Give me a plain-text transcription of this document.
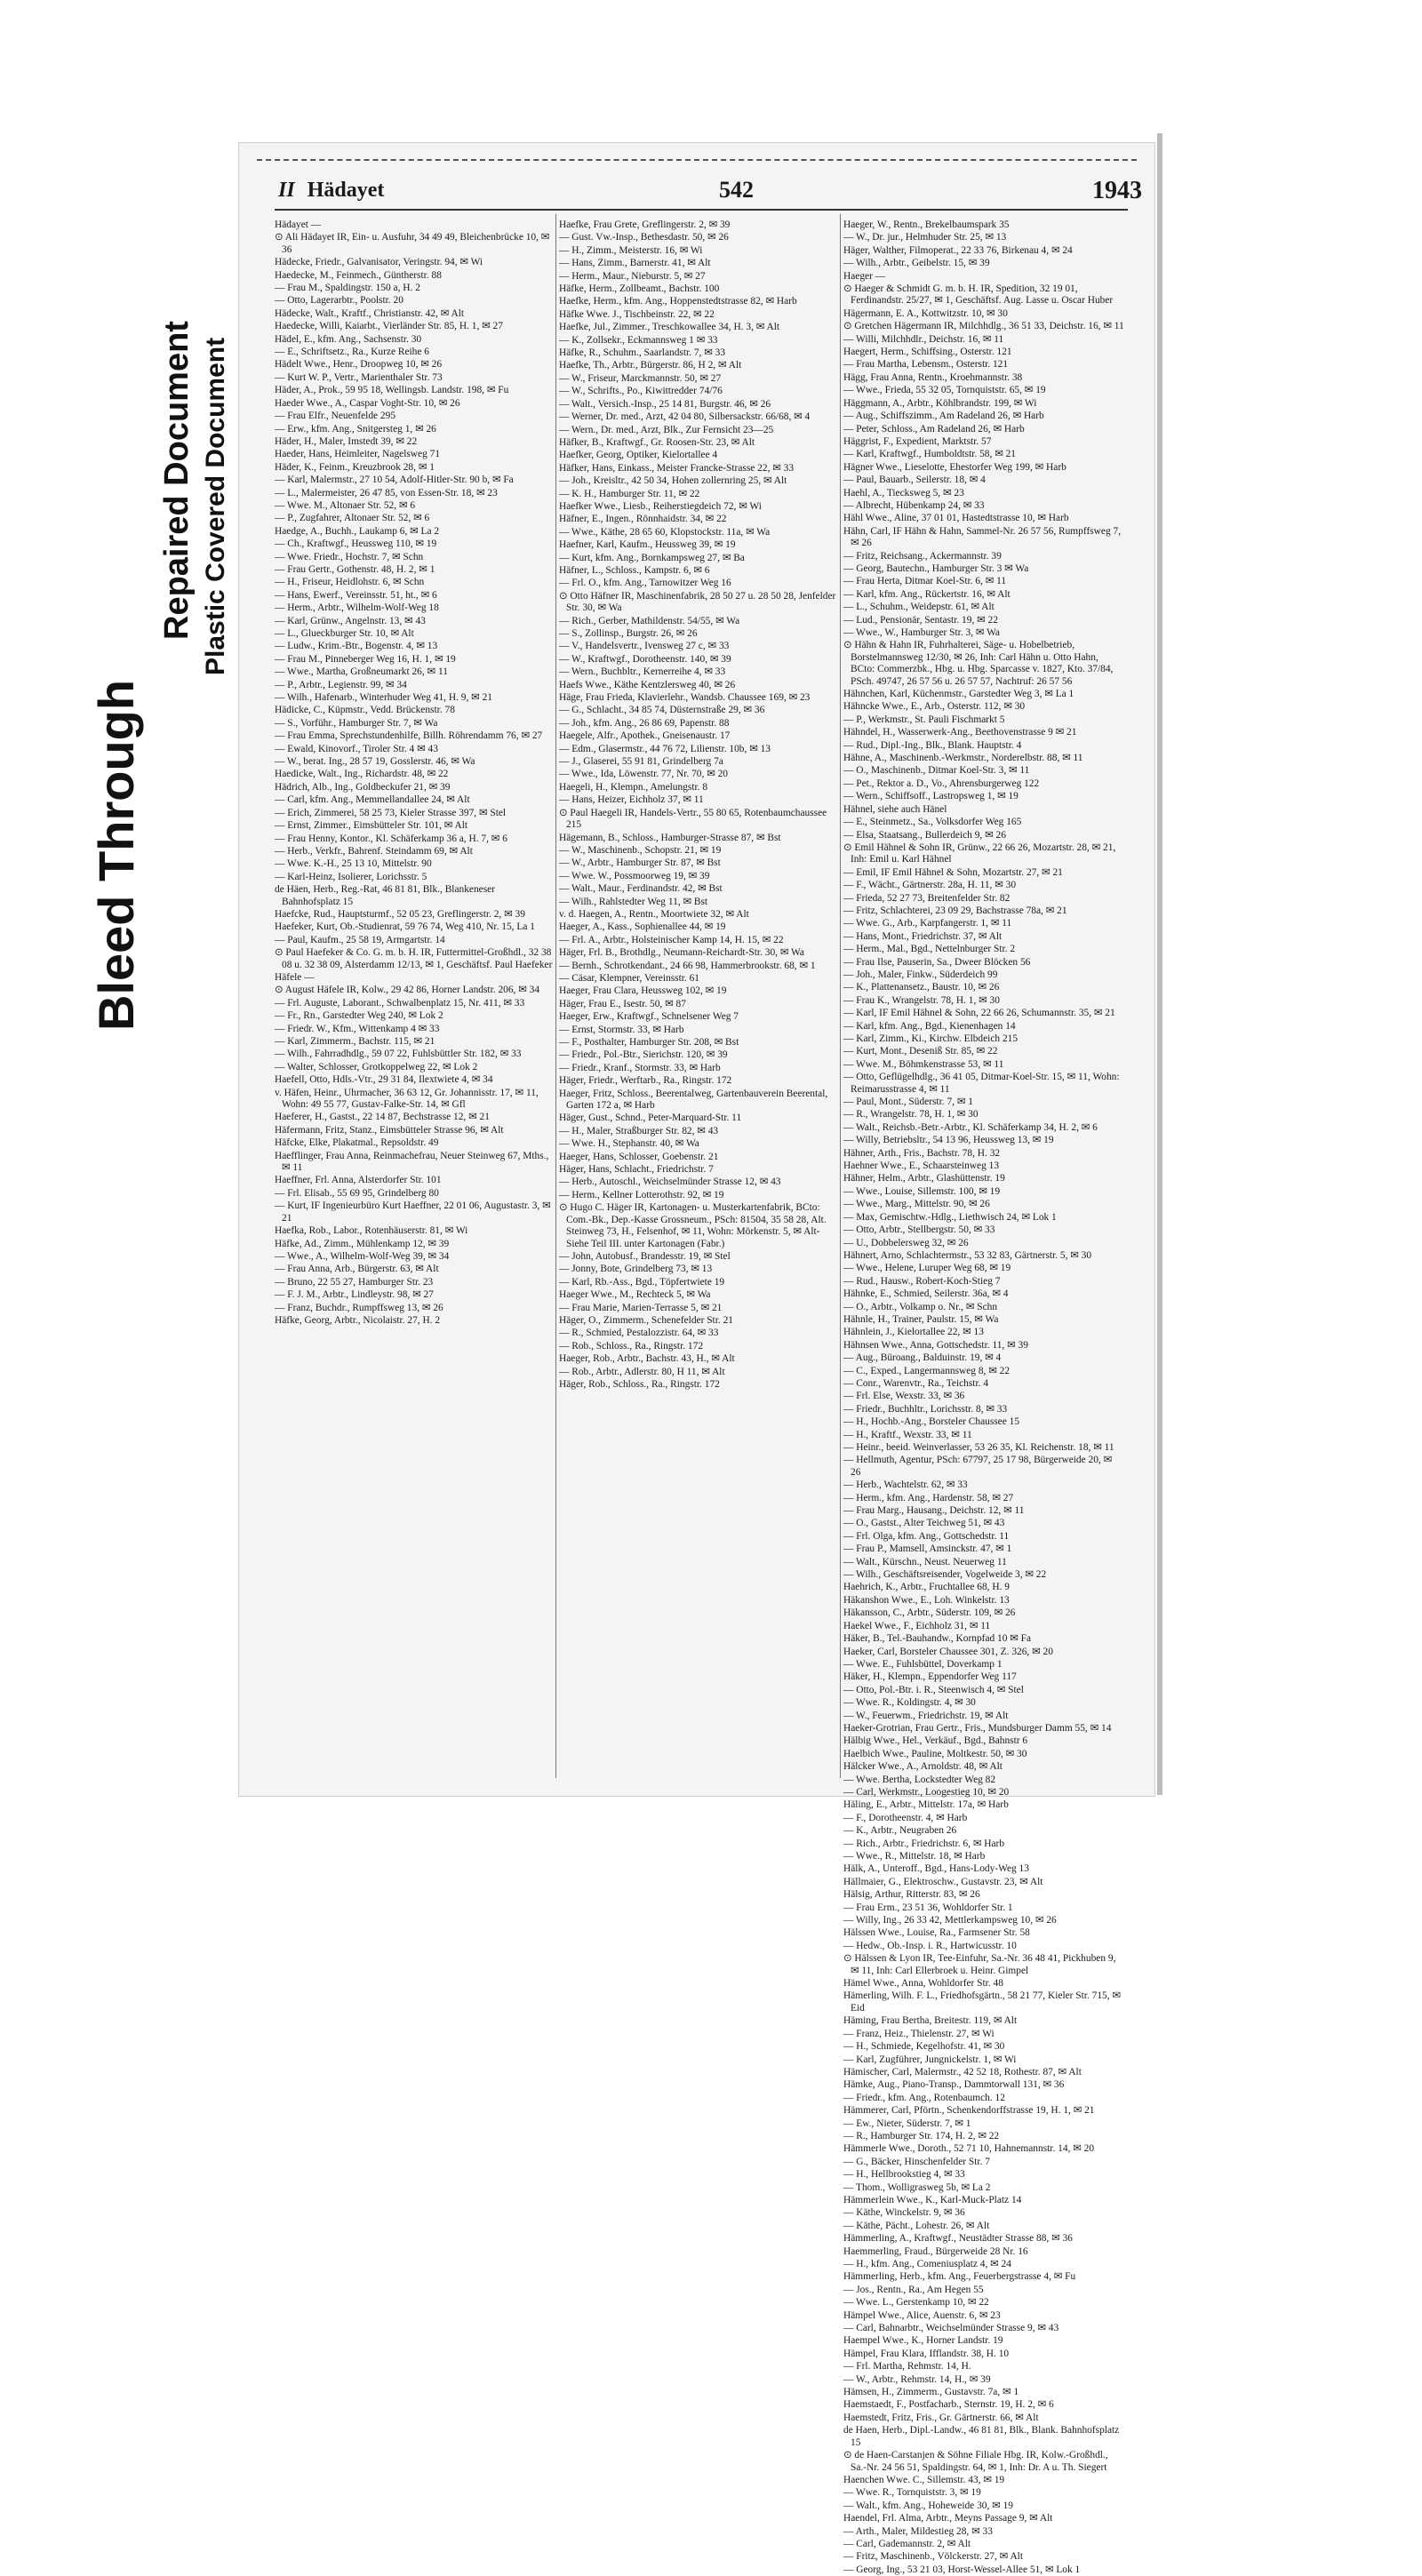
Bleed Through
Repaired Document Plastic Covered Document
II Hädayet	542	1943
Hädayet —
⊙ Ali Hädayet IR, Ein- u. Ausfuhr, 34 49 49, Bleichenbrücke 10, ✉ 36
Hädecke, Friedr., Galvanisator, Veringstr. 94, ✉ Wi
Haedecke, M., Feinmech., Güntherstr. 88
— Frau M., Spaldingstr. 150 a, H. 2
— Otto, Lagerarbtr., Poolstr. 20
Hädecke, Walt., Kraftf., Christianstr. 42, ✉ Alt
Haedecke, Willi, Kaiarbt., Vierländer Str. 85, H. 1, ✉ 27
Hädel, E., kfm. Ang., Sachsenstr. 30
— E., Schriftsetz., Ra., Kurze Reihe 6
Hädelt Wwe., Henr., Droopweg 10, ✉ 26
— Kurt W. P., Vertr., Marienthaler Str. 73
Häder, A., Prok., 59 95 18, Wellingsb. Landstr. 198, ✉ Fu
Haeder Wwe., A., Caspar Voght-Str. 10, ✉ 26
— Frau Elfr., Neuenfelde 295
— Erw., kfm. Ang., Snitgersteg 1, ✉ 26
Häder, H., Maler, Imstedt 39, ✉ 22
Haeder, Hans, Heimleiter, Nagelsweg 71
Häder, K., Feinm., Kreuzbrook 28, ✉ 1
— Karl, Malermstr., 27 10 54, Adolf-Hitler-Str. 90 b, ✉ Fa
— L., Malermeister, 26 47 85, von Essen-Str. 18, ✉ 23
— Wwe. M., Altonaer Str. 52, ✉ 6
— P., Zugfahrer, Altonaer Str. 52, ✉ 6
Haedge, A., Buchh., Laukamp 6, ✉ La 2
— Ch., Kraftwgf., Heussweg 110, ✉ 19
— Wwe. Friedr., Hochstr. 7, ✉ Schn
— Frau Gertr., Gothenstr. 48, H. 2, ✉ 1
— H., Friseur, Heidlohstr. 6, ✉ Schn
— Hans, Ewerf., Vereinsstr. 51, ht., ✉ 6
— Herm., Arbtr., Wilhelm-Wolf-Weg 18
— Karl, Grünw., Angelnstr. 13, ✉ 43
— L., Glueckburger Str. 10, ✉ Alt
— Ludw., Krim.-Btr., Bogenstr. 4, ✉ 13
— Frau M., Pinneberger Weg 16, H. 1, ✉ 19
— Wwe., Martha, Großneumarkt 26, ✉ 11
— P., Arbtr., Legienstr. 99, ✉ 34
— Wilh., Hafenarb., Winterhuder Weg 41, H. 9, ✉ 21
Hädicke, C., Küpmstr., Vedd. Brückenstr. 78
— S., Vorführ., Hamburger Str. 7, ✉ Wa
— Frau Emma, Sprechstundenhilfe, Billh. Röhrendamm 76, ✉ 27
— Ewald, Kinovorf., Tiroler Str. 4 ✉ 43
— W., berat. Ing., 28 57 19, Gosslerstr. 46, ✉ Wa
Haedicke, Walt., Ing., Richardstr. 48, ✉ 22
Hädrich, Alb., Ing., Goldbeckufer 21, ✉ 39
— Carl, kfm. Ang., Memmellandallee 24, ✉ Alt
— Erich, Zimmerei, 58 25 73, Kieler Strasse 397, ✉ Stel
— Ernst, Zimmer., Eimsbütteler Str. 101, ✉ Alt
— Frau Henny, Kontor., Kl. Schäferkamp 36 a, H. 7, ✉ 6
— Herb., Verkfr., Bahrenf. Steindamm 69, ✉ Alt
— Wwe. K.-H., 25 13 10, Mittelstr. 90
— Karl-Heinz, Isolierer, Lorichsstr. 5
de Häen, Herb., Reg.-Rat, 46 81 81, Blk., Blankeneser Bahnhofsplatz 15
Haefcke, Rud., Hauptsturmf., 52 05 23, Greflingerstr. 2, ✉ 39
Haefeker, Kurt, Ob.-Studienrat, 59 76 74, Weg 410, Nr. 15, La 1
— Paul, Kaufm., 25 58 19, Armgartstr. 14
⊙ Paul Haefeker & Co. G. m. b. H. IR, Futtermittel-Großhdl., 32 38 08 u. 32 38 09, Alsterdamm 12/13, ✉ 1, Geschäftsf. Paul Haefeker
Häfele —
⊙ August Häfele IR, Kolw., 29 42 86, Horner Landstr. 206, ✉ 34
— Frl. Auguste, Laborant., Schwalbenplatz 15, Nr. 411, ✉ 33
— Fr., Rn., Garstedter Weg 240, ✉ Lok 2
— Friedr. W., Kfm., Wittenkamp 4 ✉ 33
— Karl, Zimmerm., Bachstr. 115, ✉ 21
— Wilh., Fahrradhdlg., 59 07 22, Fuhlsbüttler Str. 182, ✉ 33
— Walter, Schlosser, Grotkoppelweg 22, ✉ Lok 2
Haefell, Otto, Hdls.-Vtr., 29 31 84, Ilextwiete 4, ✉ 34
v. Häfen, Heinr., Uhrmacher, 36 63 12, Gr. Johannisstr. 17, ✉ 11, Wohn: 49 55 77, Gustav-Falke-Str. 14, ✉ Gfl
Haeferer, H., Gastst., 22 14 87, Bechstrasse 12, ✉ 21
Häfermann, Fritz, Stanz., Eimsbütteler Strasse 96, ✉ Alt
Häfcke, Elke, Plakatmal., Repsoldstr. 49
Haefflinger, Frau Anna, Reinmachefrau, Neuer Steinweg 67, Mths., ✉ 11
Haeffner, Frl. Anna, Alsterdorfer Str. 101
— Frl. Elisab., 55 69 95, Grindelberg 80
— Kurt, IF Ingenieurbüro Kurt Haeffner, 22 01 06, Augustastr. 3, ✉ 21
Haefka, Rob., Labor., Rotenhäuserstr. 81, ✉ Wi
Häfke, Ad., Zimm., Mühlenkamp 12, ✉ 39
— Wwe., A., Wilhelm-Wolf-Weg 39, ✉ 34
— Frau Anna, Arb., Bürgerstr. 63, ✉ Alt
— Bruno, 22 55 27, Hamburger Str. 23
— F. J. M., Arbtr., Lindleystr. 98, ✉ 27
— Franz, Buchdr., Rumpffsweg 13, ✉ 26
Häfke, Georg, Arbtr., Nicolaistr. 27, H. 2
Haefke, Frau Grete, Greflingerstr. 2, ✉ 39
— Gust. Vw.-Insp., Bethesdastr. 50, ✉ 26
— H., Zimm., Meisterstr. 16, ✉ Wi
— Hans, Zimm., Barnerstr. 41, ✉ Alt
— Herm., Maur., Nieburstr. 5, ✉ 27
Häfke, Herm., Zollbeamt., Bachstr. 100
Haefke, Herm., kfm. Ang., Hoppenstedtstrasse 82, ✉ Harb
Häfke Wwe. J., Tischbeinstr. 22, ✉ 22
Haefke, Jul., Zimmer., Treschkowallee 34, H. 3, ✉ Alt
— K., Zollsekr., Eckmannsweg 1 ✉ 33
Häfke, R., Schuhm., Saarlandstr. 7, ✉ 33
Haefke, Th., Arbtr., Bürgerstr. 86, H 2, ✉ Alt
— W., Friseur, Marckmannstr. 50, ✉ 27
— W., Schrifts., Po., Kiwittredder 74/76
— Walt., Versich.-Insp., 25 14 81, Burgstr. 46, ✉ 26
— Werner, Dr. med., Arzt, 42 04 80, Silbersackstr. 66/68, ✉ 4
— Wern., Dr. med., Arzt, Blk., Zur Fernsicht 23—25
Häfker, B., Kraftwgf., Gr. Roosen-Str. 23, ✉ Alt
Haefker, Georg, Optiker, Kielortallee 4
Häfker, Hans, Einkass., Meister Francke-Strasse 22, ✉ 33
— Joh., Kreisltr., 42 50 34, Hohen zollernring 25, ✉ Alt
— K. H., Hamburger Str. 11, ✉ 22
Haefker Wwe., Liesb., Reiherstiegdeich 72, ✉ Wi
Häfner, E., Ingen., Rönnhaidstr. 34, ✉ 22
— Wwe., Käthe, 28 65 60, Klopstockstr. 11a, ✉ Wa
Haefner, Karl, Kaufm., Heussweg 39, ✉ 19
— Kurt, kfm. Ang., Bornkampsweg 27, ✉ Ba
Häfner, L., Schloss., Kampstr. 6, ✉ 6
— Frl. O., kfm. Ang., Tarnowitzer Weg 16
⊙ Otto Häfner IR, Maschinenfabrik, 28 50 27 u. 28 50 28, Jenfelder Str. 30, ✉ Wa
— Rich., Gerber, Mathildenstr. 54/55, ✉ Wa
— S., Zollinsp., Burgstr. 26, ✉ 26
— V., Handelsvertr., Ivensweg 27 c, ✉ 33
— W., Kraftwgf., Dorotheenstr. 140, ✉ 39
— Wern., Buchbltr., Kernerreihe 4, ✉ 33
Haefs Wwe., Käthe Kentzlersweg 40, ✉ 26
Häge, Frau Frieda, Klavierlehr., Wandsb. Chaussee 169, ✉ 23
— G., Schlacht., 34 85 74, Düsternstraße 29, ✉ 36
— Joh., kfm. Ang., 26 86 69, Papenstr. 88
Haegele, Alfr., Apothek., Gneisenaustr. 17
— Edm., Glasermstr., 44 76 72, Lilienstr. 10b, ✉ 13
— J., Glaserei, 55 91 81, Grindelberg 7a
— Wwe., Ida, Löwenstr. 77, Nr. 70, ✉ 20
Haegeli, H., Klempn., Amelungstr. 8
— Hans, Heizer, Eichholz 37, ✉ 11
⊙ Paul Haegeli IR, Handels-Vertr., 55 80 65, Rotenbaumchaussee 215
Hägemann, B., Schloss., Hamburger-Strasse 87, ✉ Bst
— W., Maschinenb., Schopstr. 21, ✉ 19
— W., Arbtr., Hamburger Str. 87, ✉ Bst
— Wwe. W., Possmoorweg 19, ✉ 39
— Walt., Maur., Ferdinandstr. 42, ✉ Bst
— Wilh., Rahlstedter Weg 11, ✉ Bst
v. d. Haegen, A., Rentn., Moortwiete 32, ✉ Alt
Haeger, A., Kass., Sophienallee 44, ✉ 19
— Frl. A., Arbtr., Holsteinischer Kamp 14, H. 15, ✉ 22
Häger, Frl. B., Brothdlg., Neumann-Reichardt-Str. 30, ✉ Wa
— Bernh., Schrotkendant., 24 66 98, Hammerbrookstr. 68, ✉ 1
— Cäsar, Klempner, Vereinsstr. 61
Haeger, Frau Clara, Heussweg 102, ✉ 19
Häger, Frau E., Isestr. 50, ✉ 87
Haeger, Erw., Kraftwgf., Schnelsener Weg 7
— Ernst, Stormstr. 33, ✉ Harb
— F., Posthalter, Hamburger Str. 208, ✉ Bst
— Friedr., Pol.-Btr., Sierichstr. 120, ✉ 39
— Friedr., Kranf., Stormstr. 33, ✉ Harb
Häger, Friedr., Werftarb., Ra., Ringstr. 172
Haeger, Fritz, Schloss., Beerentalweg, Gartenbauverein Beerental, Garten 172 a, ✉ Harb
Häger, Gust., Schnd., Peter-Marquard-Str. 11
— H., Maler, Straßburger Str. 82, ✉ 43
— Wwe. H., Stephanstr. 40, ✉ Wa
Haeger, Hans, Schlosser, Goebenstr. 21
Häger, Hans, Schlacht., Friedrichstr. 7
— Herb., Autoschl., Weichselmünder Strasse 12, ✉ 43
— Herm., Kellner Lotterothstr. 92, ✉ 19
⊙ Hugo C. Häger IR, Kartonagen- u. Musterkartenfabrik, BCto: Com.-Bk., Dep.-Kasse Grossneum., PSch: 81504, 35 58 28, Alt. Steinweg 73, H., Felsenhof, ✉ 11, Wohn: Mörkenstr. 5, ✉ Alt- Siehe Teil III. unter Kartonagen (Fabr.)
— John, Autobusf., Brandesstr. 19, ✉ Stel
— Jonny, Bote, Grindelberg 73, ✉ 13
— Karl, Rb.-Ass., Bgd., Töpfertwiete 19
Haeger Wwe., M., Rechteck 5, ✉ Wa
— Frau Marie, Marien-Terrasse 5, ✉ 21
Häger, O., Zimmerm., Schenefelder Str. 21
— R., Schmied, Pestalozzistr. 64, ✉ 33
— Rob., Schloss., Ra., Ringstr. 172
Haeger, Rob., Arbtr., Bachstr. 43, H., ✉ Alt
— Rob., Arbtr., Adlerstr. 80, H 11, ✉ Alt
Häger, Rob., Schloss., Ra., Ringstr. 172
Haeger, W., Rentn., Brekelbaumspark 35
— W., Dr. jur., Helmhuder Str. 25, ✉ 13
Häger, Walther, Filmoperat., 22 33 76, Birkenau 4, ✉ 24
— Wilh., Arbtr., Geibelstr. 15, ✉ 39
Haeger —
⊙ Haeger & Schmidt G. m. b. H. IR, Spedition, 32 19 01, Ferdinandstr. 25/27, ✉ 1, Geschäftsf. Aug. Lasse u. Oscar Huber
Hägermann, E. A., Kottwitzstr. 10, ✉ 30
⊙ Gretchen Hägermann IR, Milchhdlg., 36 51 33, Deichstr. 16, ✉ 11
— Willi, Milchhdlr., Deichstr. 16, ✉ 11
Haegert, Herm., Schiffsing., Osterstr. 121
— Frau Martha, Lebensm., Osterstr. 121
Hägg, Frau Anna, Rentn., Kroehmannstr. 38
— Wwe., Frieda, 55 32 05, Tornquiststr. 65, ✉ 19
Häggmann, A., Arbtr., Köhlbrandstr. 199, ✉ Wi
— Aug., Schiffszimm., Am Radeland 26, ✉ Harb
— Peter, Schloss., Am Radeland 26, ✉ Harb
Häggrist, F., Expedient, Marktstr. 57
— Karl, Kraftwgf., Humboldtstr. 58, ✉ 21
Hägner Wwe., Lieselotte, Ehestorfer Weg 199, ✉ Harb
— Paul, Bauarb., Seilerstr. 18, ✉ 4
Haehl, A., Tiecksweg 5, ✉ 23
— Albrecht, Hübenkamp 24, ✉ 33
Hähl Wwe., Aline, 37 01 01, Hastedtstrasse 10, ✉ Harb
Hähn, Carl, IF Hähn & Hahn, Sammel-Nr. 26 57 56, Rumpffsweg 7, ✉ 26
— Fritz, Reichsang., Ackermannstr. 39
— Georg, Bautechn., Hamburger Str. 3 ✉ Wa
— Frau Herta, Ditmar Koel-Str. 6, ✉ 11
— Karl, kfm. Ang., Rückertstr. 16, ✉ Alt
— L., Schuhm., Weidepstr. 61, ✉ Alt
— Lud., Pensionär, Sentastr. 19, ✉ 22
— Wwe., W., Hamburger Str. 3, ✉ Wa
⊙ Hähn & Hahn IR, Fuhrhalterei, Säge- u. Hobelbetrieb, Borstelmannsweg 12/30, ✉ 26, Inh: Carl Hähn u. Otto Hahn, BCto: Commerzbk., Hbg. u. Hbg. Sparcasse v. 1827, Kto. 37/84, PSch. 49747, 26 57 56 u. 26 57 57, Nachtruf: 26 57 56
Hähnchen, Karl, Küchenmstr., Garstedter Weg 3, ✉ La 1
Hähncke Wwe., E., Arb., Osterstr. 112, ✉ 30
— P., Werkmstr., St. Pauli Fischmarkt 5
Hähndel, H., Wasserwerk-Ang., Beethovenstrasse 9 ✉ 21
— Rud., Dipl.-Ing., Blk., Blank. Hauptstr. 4
Hähne, A., Maschinenb.-Werkmstr., Norderelbstr. 88, ✉ 11
— O., Maschinenb., Ditmar Koel-Str. 3, ✉ 11
— Pet., Rektor a. D., Vo., Ahrensburgerweg 122
— Wern., Schiffsoff., Lastropsweg 1, ✉ 19
Hähnel, siehe auch Hänel
— E., Steinmetz., Sa., Volksdorfer Weg 165
— Elsa, Staatsang., Bullerdeich 9, ✉ 26
⊙ Emil Hähnel & Sohn IR, Grünw., 22 66 26, Mozartstr. 28, ✉ 21, Inh: Emil u. Karl Hähnel
— Emil, IF Emil Hähnel & Sohn, Mozartstr. 27, ✉ 21
— F., Wächt., Gärtnerstr. 28a, H. 11, ✉ 30
— Frieda, 52 27 73, Breitenfelder Str. 82
— Fritz, Schlachterei, 23 09 29, Bachstrasse 78a, ✉ 21
— Wwe. G., Arb., Karpfangerstr. 1, ✉ 11
— Hans, Mont., Friedrichstr. 37, ✉ Alt
— Herm., Mal., Bgd., Nettelnburger Str. 2
— Frau Ilse, Pauserin, Sa., Dweer Blöcken 56
— Joh., Maler, Finkw., Süderdeich 99
— K., Plattenansetz., Baustr. 10, ✉ 26
— Frau K., Wrangelstr. 78, H. 1, ✉ 30
— Karl, IF Emil Hähnel & Sohn, 22 66 26, Schumannstr. 35, ✉ 21
— Karl, kfm. Ang., Bgd., Kienenhagen 14
— Karl, Zimm., Ki., Kirchw. Elbdeich 215
— Kurt, Mont., Deseniß Str. 85, ✉ 22
— Wwe. M., Böhmkenstrasse 53, ✉ 11
— Otto, Geflügelhdlg., 36 41 05, Ditmar-Koel-Str. 15, ✉ 11, Wohn: Reimarusstrasse 4, ✉ 11
— Paul, Mont., Süderstr. 7, ✉ 1
— R., Wrangelstr. 78, H. 1, ✉ 30
— Walt., Reichsb.-Betr.-Arbtr., Kl. Schäferkamp 34, H. 2, ✉ 6
— Willy, Betriebsltr., 54 13 96, Heussweg 13, ✉ 19
Hähner, Arth., Fris., Bachstr. 78, H. 32
Haehner Wwe., E., Schaarsteinweg 13
Hähner, Helm., Arbtr., Glashüttenstr. 19
— Wwe., Louise, Sillemstr. 100, ✉ 19
— Wwe., Marg., Mittelstr. 90, ✉ 26
— Max, Gemischtw.-Hdlg., Liethwisch 24, ✉ Lok 1
— Otto, Arbtr., Stellbergstr. 50, ✉ 33
— U., Dobbelersweg 32, ✉ 26
Hähnert, Arno, Schlachtermstr., 53 32 83, Gärtnerstr. 5, ✉ 30
— Wwe., Helene, Luruper Weg 68, ✉ 19
— Rud., Hausw., Robert-Koch-Stieg 7
Hähnke, E., Schmied, Seilerstr. 36a, ✉ 4
— O., Arbtr., Volkamp o. Nr., ✉ Schn
Hähnle, H., Trainer, Paulstr. 15, ✉ Wa
Hähnlein, J., Kielortallee 22, ✉ 13
Hähnsen Wwe., Anna, Gottschedstr. 11, ✉ 39
— Aug., Büroang., Balduinstr. 19, ✉ 4
— C., Exped., Langermannsweg 8, ✉ 22
— Conr., Warenvtr., Ra., Teichstr. 4
— Frl. Else, Wexstr. 33, ✉ 36
— Friedr., Buchhltr., Lorichsstr. 8, ✉ 33
— H., Hochb.-Ang., Borsteler Chaussee 15
— H., Kraftf., Wexstr. 33, ✉ 11
— Heinr., beeid. Weinverlasser, 53 26 35, Kl. Reichenstr. 18, ✉ 11
— Hellmuth, Agentur, PSch: 67797, 25 17 98, Bürgerweide 20, ✉ 26
— Herb., Wachtelstr. 62, ✉ 33
— Herm., kfm. Ang., Hardenstr. 58, ✉ 27
— Frau Marg., Hausang., Deichstr. 12, ✉ 11
— O., Gastst., Alter Teichweg 51, ✉ 43
— Frl. Olga, kfm. Ang., Gottschedstr. 11
— Frau P., Mamsell, Amsinckstr. 47, ✉ 1
— Walt., Kürschn., Neust. Neuerweg 11
— Wilh., Geschäftsreisender, Vogelweide 3, ✉ 22
Haehrich, K., Arbtr., Fruchtallee 68, H. 9
Häkanshon Wwe., E., Loh. Winkelstr. 13
Häkansson, C., Arbtr., Süderstr. 109, ✉ 26
Haekel Wwe., F., Eichholz 31, ✉ 11
Häker, B., Tel.-Bauhandw., Kornpfad 10 ✉ Fa
Haeker, Carl, Borsteler Chaussee 301, Z. 326, ✉ 20
— Wwe. E., Fuhlsbüttel, Doverkamp 1
Häker, H., Klempn., Eppendorfer Weg 117
— Otto, Pol.-Btr. i. R., Steenwisch 4, ✉ Stel
— Wwe. R., Koldingstr. 4, ✉ 30
— W., Feuerwm., Friedrichstr. 19, ✉ Alt
Haeker-Grotrian, Frau Gertr., Fris., Mundsburger Damm 55, ✉ 14
Hälbig Wwe., Hel., Verkäuf., Bgd., Bahnstr 6
Haelbich Wwe., Pauline, Moltkestr. 50, ✉ 30
Hälcker Wwe., A., Arnoldstr. 48, ✉ Alt
— Wwe. Bertha, Lockstedter Weg 82
— Carl, Werkmstr., Loogestieg 10, ✉ 20
Häling, E., Arbtr., Mittelstr. 17a, ✉ Harb
— F., Dorotheenstr. 4, ✉ Harb
— K., Arbtr., Neugraben 26
— Rich., Arbtr., Friedrichstr. 6, ✉ Harb
— Wwe., R., Mittelstr. 18, ✉ Harb
Hälk, A., Unteroff., Bgd., Hans-Lody-Weg 13
Hällmaier, G., Elektroschw., Gustavstr. 23, ✉ Alt
Hälsig, Arthur, Ritterstr. 83, ✉ 26
— Frau Erm., 23 51 36, Wohldorfer Str. 1
— Willy, Ing., 26 33 42, Mettlerkampsweg 10, ✉ 26
Hälssen Wwe., Louise, Ra., Farmsener Str. 58
— Hedw., Ob.-Insp. i. R., Hartwicusstr. 10
⊙ Hälssen & Lyon IR, Tee-Einfuhr, Sa.-Nr. 36 48 41, Pickhuben 9, ✉ 11, Inh: Carl Ellerbroek u. Heinr. Gimpel
Hämel Wwe., Anna, Wohldorfer Str. 48
Hämerling, Wilh. F. L., Friedhofsgärtn., 58 21 77, Kieler Str. 715, ✉ Eid
Häming, Frau Bertha, Breitestr. 119, ✉ Alt
— Franz, Heiz., Thielenstr. 27, ✉ Wi
— H., Schmiede, Kegelhofstr. 41, ✉ 30
— Karl, Zugführer, Jungnickelstr. 1, ✉ Wi
Hämischer, Carl, Malermstr., 42 52 18, Rothestr. 87, ✉ Alt
Hämke, Aug., Piano-Transp., Dammtorwall 131, ✉ 36
— Friedr., kfm. Ang., Rotenbaumch. 12
Hämmerer, Carl, Pförtn., Schenkendorffstrasse 19, H. 1, ✉ 21
— Ew., Nieter, Süderstr. 7, ✉ 1
— R., Hamburger Str. 174, H. 2, ✉ 22
Hämmerle Wwe., Doroth., 52 71 10, Hahnemannstr. 14, ✉ 20
— G., Bäcker, Hinschenfelder Str. 7
— H., Hellbrookstieg 4, ✉ 33
— Thom., Wolligrasweg 5b, ✉ La 2
Hämmerlein Wwe., K., Karl-Muck-Platz 14
— Käthe, Winckelstr. 9, ✉ 36
— Käthe, Pächt., Lohestr. 26, ✉ Alt
Hämmerling, A., Kraftwgf., Neustädter Strasse 88, ✉ 36
Haemmerling, Fraud., Bürgerweide 28 Nr. 16
— H., kfm. Ang., Comeniusplatz 4, ✉ 24
Hämmerling, Herb., kfm. Ang., Feuerbergstrasse 4, ✉ Fu
— Jos., Rentn., Ra., Am Hegen 55
— Wwe. L., Gerstenkamp 10, ✉ 22
Hämpel Wwe., Alice, Auenstr. 6, ✉ 23
— Carl, Bahnarbtr., Weichselmünder Strasse 9, ✉ 43
Haempel Wwe., K., Horner Landstr. 19
Hämpel, Frau Klara, Ifflandstr. 38, H. 10
— Frl. Martha, Rehmstr. 14, H.
— W., Arbtr., Rehmstr. 14, H., ✉ 39
Hämsen, H., Zimmerm., Gustavstr. 7a, ✉ 1
Haemstaedt, F., Postfacharb., Sternstr. 19, H. 2, ✉ 6
Haemstedt, Fritz, Fris., Gr. Gärtnerstr. 66, ✉ Alt
de Haen, Herb., Dipl.-Landw., 46 81 81, Blk., Blank. Bahnhofsplatz 15
⊙ de Haen-Carstanjen & Söhne Filiale Hbg. IR, Kolw.-Großhdl., Sa.-Nr. 24 56 51, Spaldingstr. 64, ✉ 1, Inh: Dr. A u. Th. Siegert
Haenchen Wwe. C., Sillemstr. 43, ✉ 19
— Wwe. R., Tornquiststr. 3, ✉ 19
— Walt., kfm. Ang., Hoheweide 30, ✉ 19
Haendel, Frl. Alma, Arbtr., Meyns Passage 9, ✉ Alt
— Arth., Maler, Mildestieg 28, ✉ 33
— Carl, Gademannstr. 2, ✉ Alt
— Fritz, Maschinenb., Völckerstr. 27, ✉ Alt
— Georg, Ing., 53 21 03, Horst-Wessel-Allee 51, ✉ Lok 1
